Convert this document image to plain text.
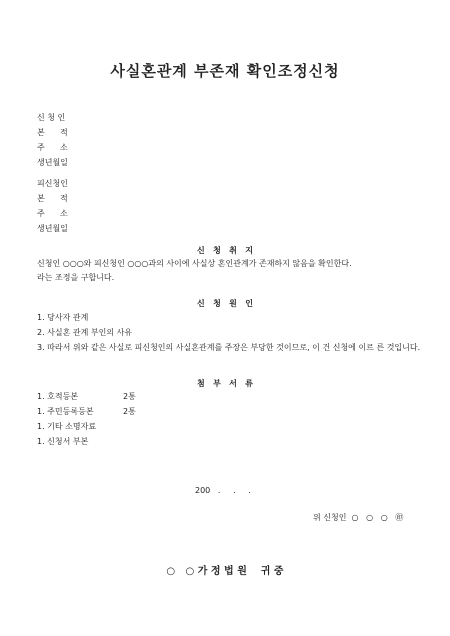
사실혼관계 부존재 확인조정신청
신 청 인
본      적
주      소
생년월일
피신청인
본      적
주      소
생년월일
신   청   취   지
신청인 ○○○와 피신청인 ○○○과의 사이에 사실상 혼인관계가 존재하지 않음을 확인한다.
라는 조정을 구합니다.
신   청   원   인
1. 당사자 관계
2. 사실혼 관계 부인의 사유
3. 따라서 위와 같은 사실로 피신청인의 사실혼관계를 주장은 부당한 것이므로, 이 건 신청에 이르 른 것입니다.
첨   부   서   류
1. 호적등본	2통
1. 주민등록등본	2통
1. 기타 소명자료
1. 신청서 부본
200   .     .     .
위 신청인  ○   ○   ○   ㊞
○   ○ 가 정 법 원    귀 중
